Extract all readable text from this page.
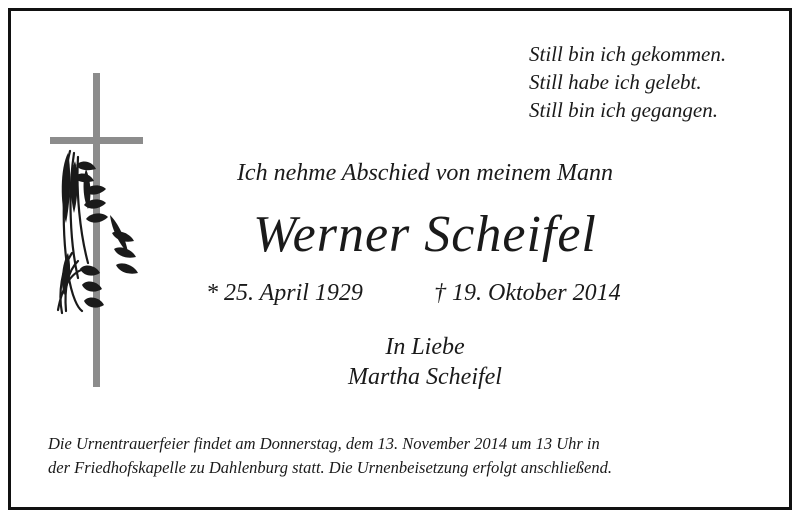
Still bin ich gekommen.
Still habe ich gelebt.
Still bin ich gegangen.
Ich nehme Abschied von meinem Mann
Werner Scheifel
* 25. April 1929	† 19. Oktober 2014
In Liebe
Martha Scheifel
Die Urnentrauerfeier findet am Donnerstag, dem 13. November 2014 um 13 Uhr in
der Friedhofskapelle zu Dahlenburg statt. Die Urnenbeisetzung erfolgt anschließend.
